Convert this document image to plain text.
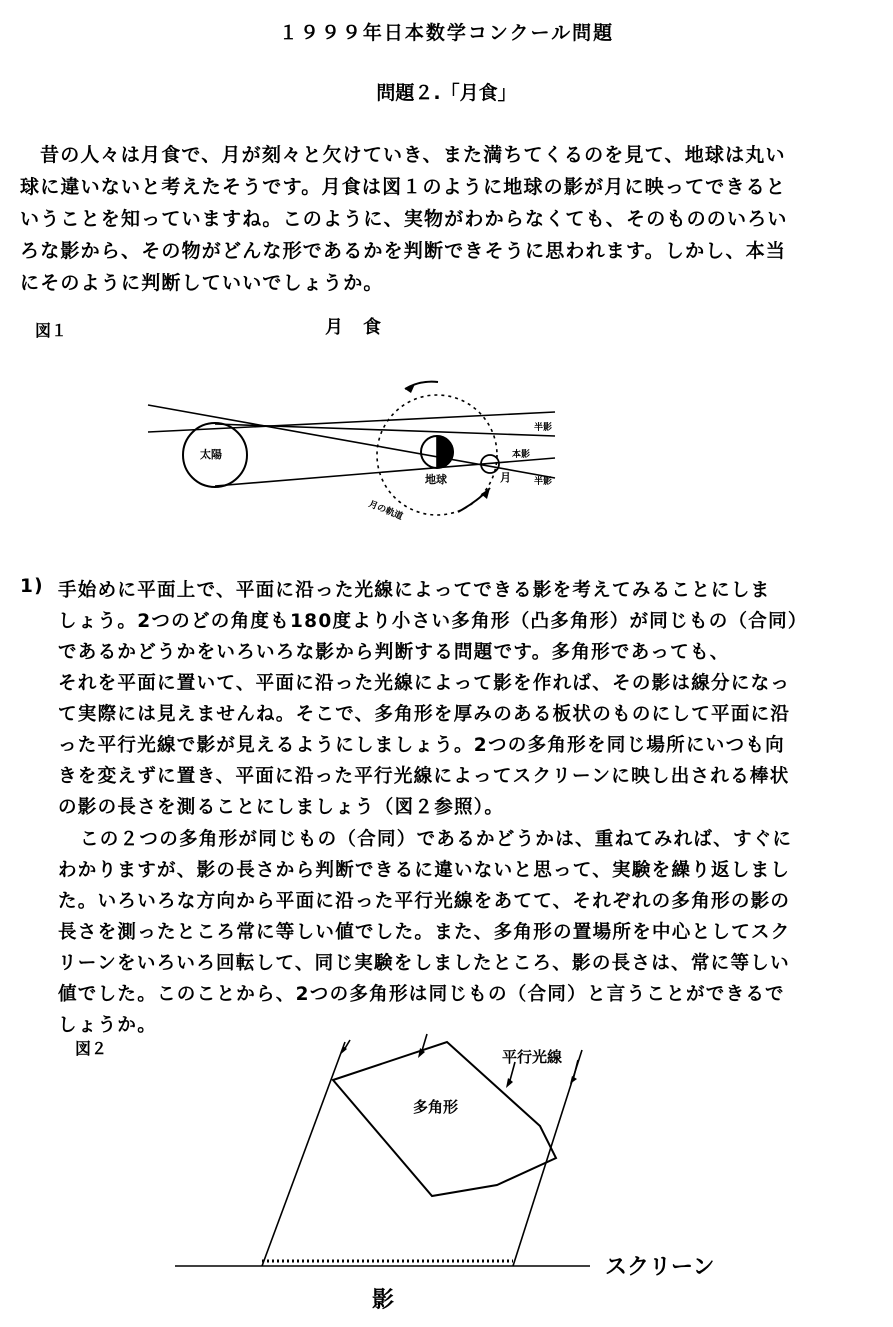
１９９９年日本数学コンクール問題
問題２.「月食」
昔の人々は月食で、月が刻々と欠けていき、また満ちてくるのを見て、地球は丸い
球に違いないと考えたそうです。月食は図１のように地球の影が月に映ってできると
いうことを知っていますね。このように、実物がわからなくても、そのもののいろい
ろな影から、その物がどんな形であるかを判断できそうに思われます。しかし、本当
にそのように判断していいでしょうか。
図１	月食
太陽
地球	月
半影
本影
半影
月の軌道
1) 手始めに平面上で、平面に沿った光線によってできる影を考えてみることにしま
しょう。2つのどの角度も180度より小さい多角形（凸多角形）が同じもの（合同）
であるかどうかをいろいろな影から判断する問題です。多角形であっても、
それを平面に置いて、平面に沿った光線によって影を作れば、その影は線分になっ
て実際には見えませんね。そこで、多角形を厚みのある板状のものにして平面に沿
った平行光線で影が見えるようにしましょう。2つの多角形を同じ場所にいつも向
きを変えずに置き、平面に沿った平行光線によってスクリーンに映し出される棒状
の影の長さを測ることにしましょう（図２参照）。
この２つの多角形が同じもの（合同）であるかどうかは、重ねてみれば、すぐに
わかりますが、影の長さから判断できるに違いないと思って、実験を繰り返しまし
た。いろいろな方向から平面に沿った平行光線をあてて、それぞれの多角形の影の
長さを測ったところ常に等しい値でした。また、多角形の置場所を中心としてスク
リーンをいろいろ回転して、同じ実験をしましたところ、影の長さは、常に等しい
値でした。このことから、2つの多角形は同じもの（合同）と言うことができるで
しょうか。
図２	平行光線
多角形
スクリーン
影
